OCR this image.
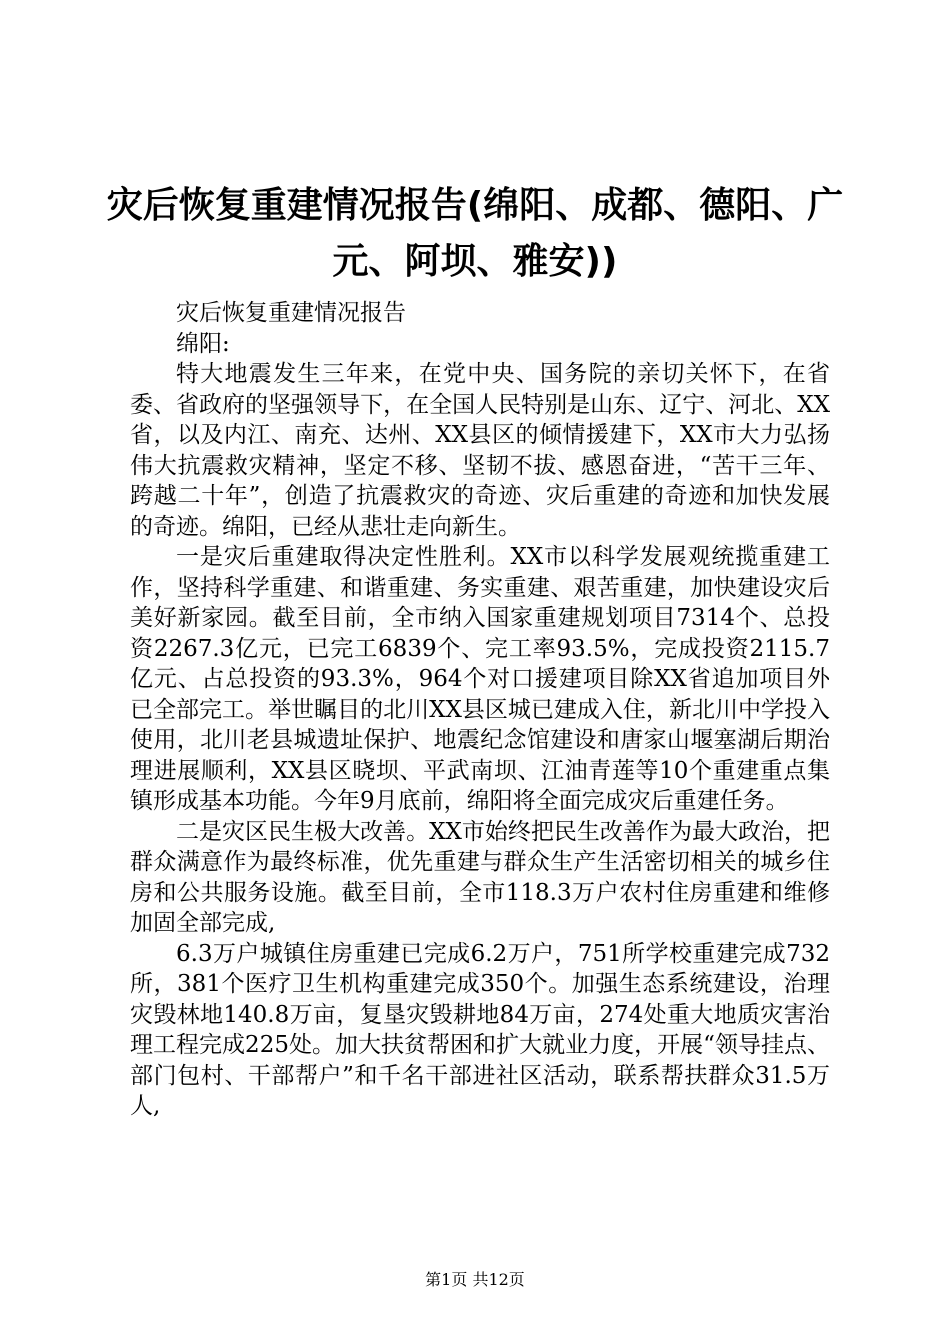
灾后恢复重建情况报告(绵阳、成都、德阳、广元、阿坝、雅安))

灾后恢复重建情况报告

绵阳:

特大地震发生三年来，在党中央、国务院的亲切关怀下，在省委、省政府的坚强领导下，在全国人民特别是山东、辽宁、河北、XX省，以及内江、南充、达州、XX县区的倾情援建下，XX市大力弘扬伟大抗震救灾精神，坚定不移、坚韧不拔、感恩奋进，“苦干三年、跨越二十年”，创造了抗震救灾的奇迹、灾后重建的奇迹和加快发展的奇迹。绵阳，已经从悲壮走向新生。

一是灾后重建取得决定性胜利。XX市以科学发展观统揽重建工作，坚持科学重建、和谐重建、务实重建、艰苦重建，加快建设灾后美好新家园。截至目前，全市纳入国家重建规划项目7314个、总投资2267.3亿元，已完工6839个、完工率93.5%，完成投资2115.7亿元、占总投资的93.3%，964个对口援建项目除XX省追加项目外已全部完工。举世瞩目的北川XX县区城已建成入住，新北川中学投入使用，北川老县城遗址保护、地震纪念馆建设和唐家山堰塞湖后期治理进展顺利，XX县区晓坝、平武南坝、江油青莲等10个重建重点集镇形成基本功能。今年9月底前，绵阳将全面完成灾后重建任务。

二是灾区民生极大改善。XX市始终把民生改善作为最大政治，把群众满意作为最终标准，优先重建与群众生产生活密切相关的城乡住房和公共服务设施。截至目前，全市118.3万户农村住房重建和维修加固全部完成,

6.3万户城镇住房重建已完成6.2万户，751所学校重建完成732所，381个医疗卫生机构重建完成350个。加强生态系统建设，治理灾毁林地140.8万亩，复垦灾毁耕地84万亩，274处重大地质灾害治理工程完成225处。加大扶贫帮困和扩大就业力度，开展“领导挂点、部门包村、干部帮户”和千名干部进社区活动，联系帮扶群众31.5万人,

第1页 共12页
